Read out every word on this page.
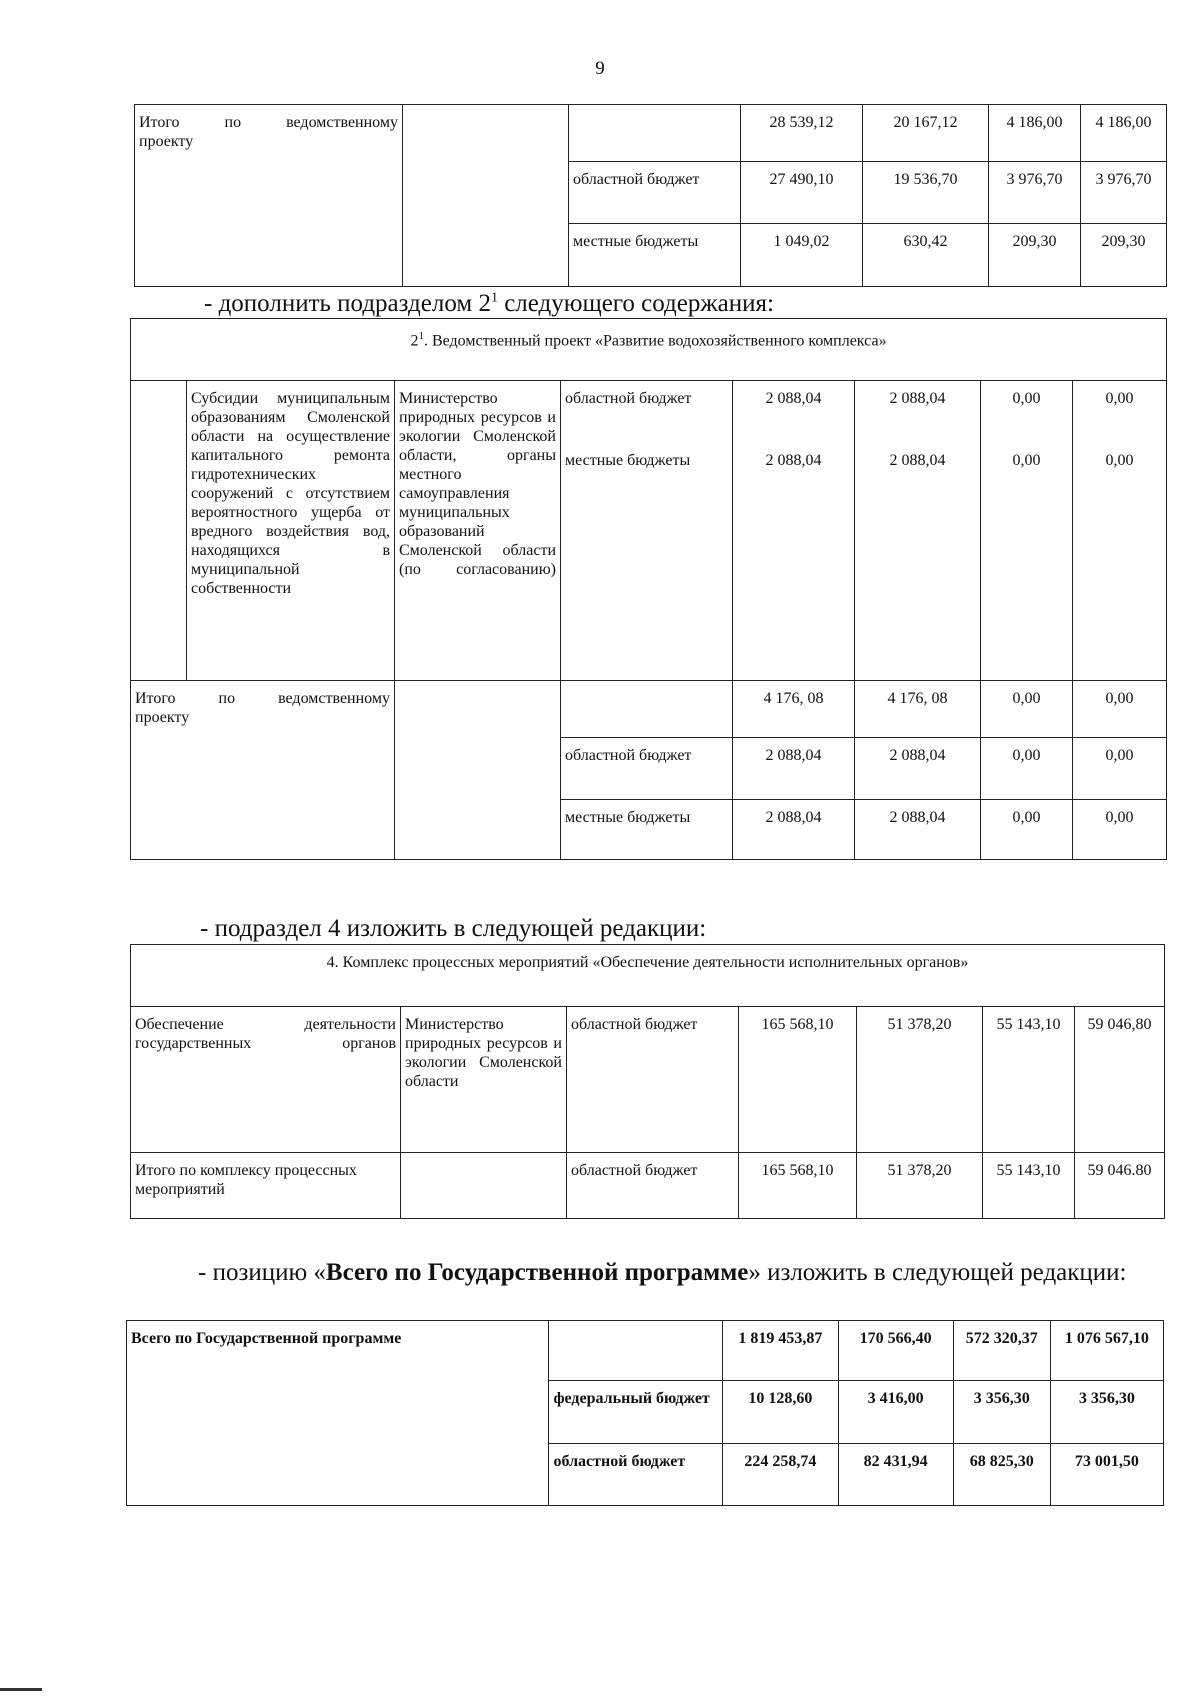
9
Итого по ведомственному
проекту			28 539,12	20 167,12	4 186,00	4 186,00
		областной бюджет	27 490,10	19 536,70	3 976,70	3 976,70
		местные бюджеты	1 049,02	630,42	209,30	209,30
- дополнить подразделом $2^1$ следующего содержания:
$2^1$. Ведомственный проект «Развитие водохозяйственного комплекса»							
	Субсидии муниципальным образованиям Смоленской области на осуществление капитального ремонта гидротехнических сооружений с отсутствием вероятностного ущерба от вредного воздействия вод, находящихся в муниципальной собственности	Министерство природных ресурсов и экологии Смоленской области, органы местного самоуправления муниципальных образований Смоленской области (по согласованию)	областной бюджет	2 088,04	2 088,04	0,00	0,00
			местные бюджеты	2 088,04	2 088,04	0,00	0,00

Итого по ведомственному
проекту				4 176, 08	4 176, 08	0,00	0,00
			областной бюджет	2 088,04	2 088,04	0,00	0,00
			местные бюджеты	2 088,04	2 088,04	0,00	0,00
- подраздел 4 изложить в следующей редакции:
4. Комплекс процессных мероприятий «Обеспечение деятельности исполнительных органов»						

Обеспечение деятельности государственных органов	Министерство природных ресурсов и экологии Смоленской области	областной бюджет	165 568,10	51 378,20	55 143,10	59 046,80
Итого по комплексу процессных мероприятий		областной бюджет	165 568,10	51 378,20	55 143,10	59 046.80
- позицию «Всего по Государственной программе» изложить в следующей редакции:
Всего по Государственной программе		1 819 453,87	170 566,40	572 320,37	1 076 567,10
	федеральный бюджет	10 128,60	3 416,00	3 356,30	3 356,30
	областной бюджет	224 258,74	82 431,94	68 825,30	73 001,50
